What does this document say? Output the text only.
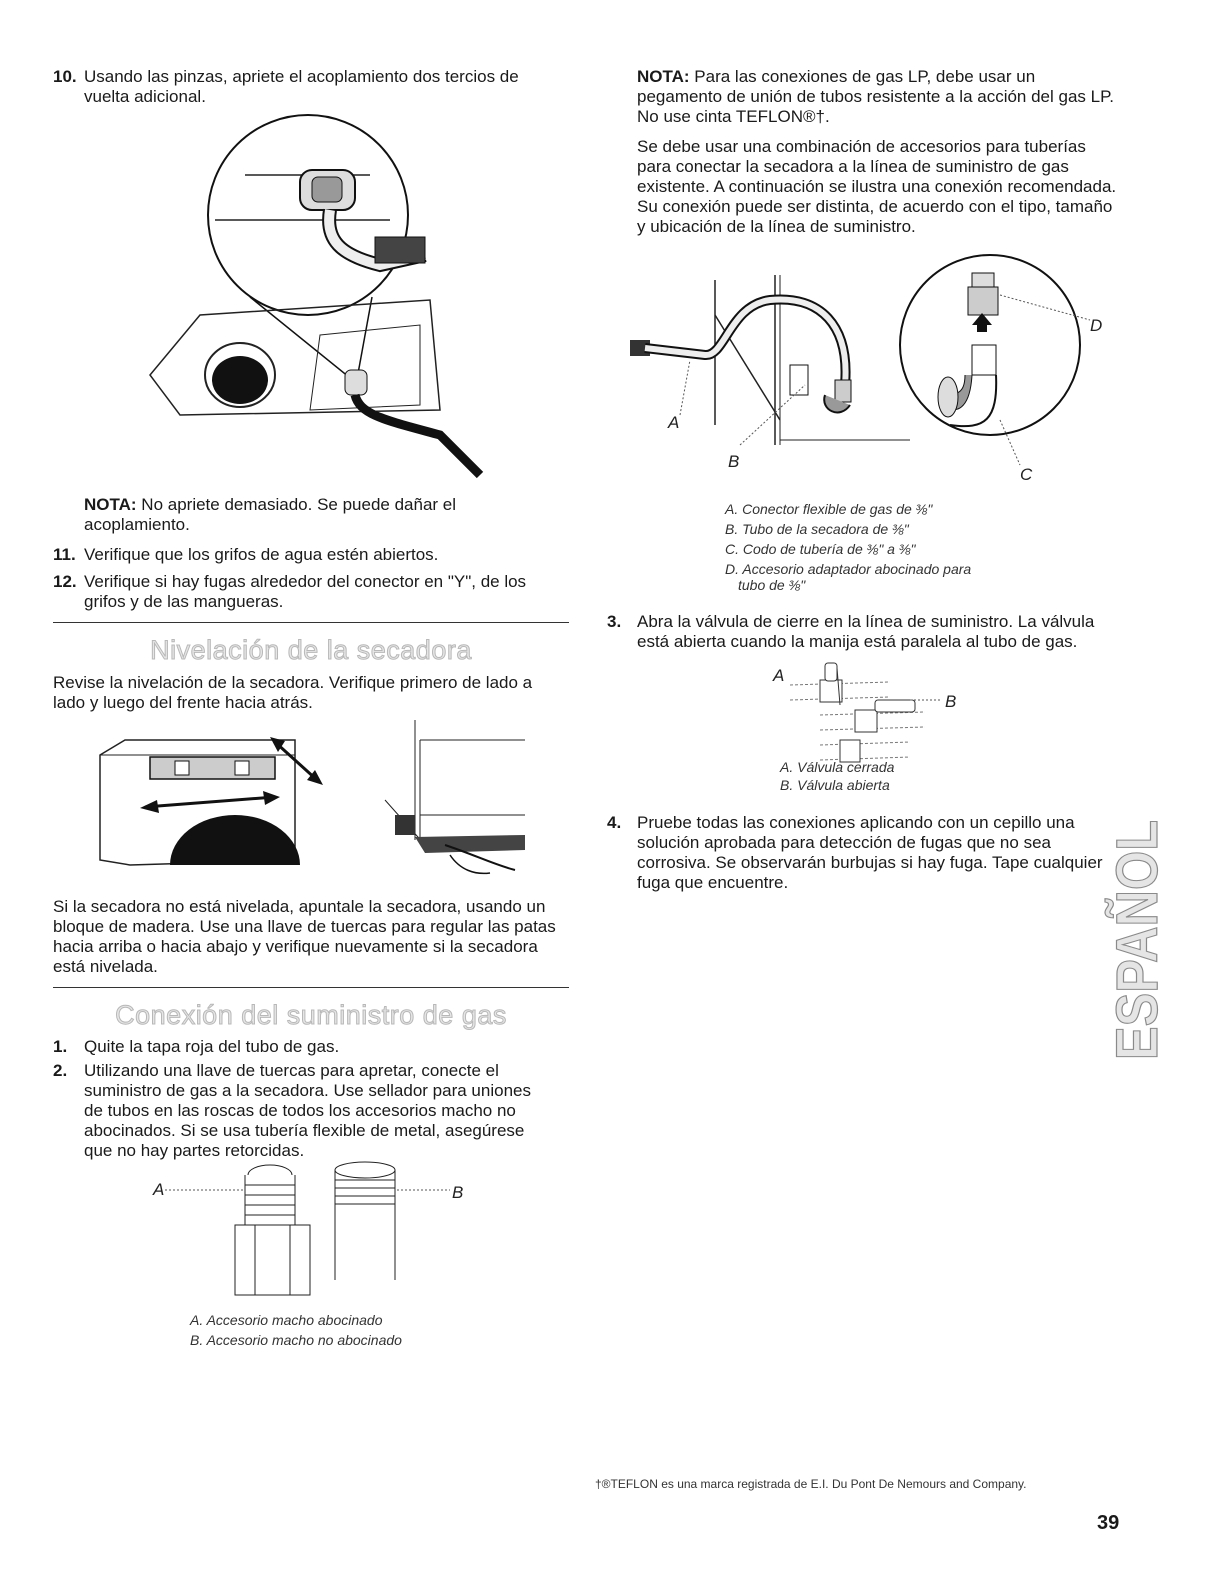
10. Usando las pinzas, apriete el acoplamiento dos tercios de vuelta adicional.
NOTA: No apriete demasiado. Se puede dañar el acoplamiento.
11. Verifique que los grifos de agua estén abiertos.
12. Verifique si hay fugas alrededor del conector en "Y", de los grifos y de las mangueras.
Nivelación de la secadora
Revise la nivelación de la secadora. Verifique primero de lado a lado y luego del frente hacia atrás.
Si la secadora no está nivelada, apuntale la secadora, usando un bloque de madera. Use una llave de tuercas para regular las patas hacia arriba o hacia abajo y verifique nuevamente si la secadora está nivelada.
Conexión del suministro de gas
1. Quite la tapa roja del tubo de gas.
2. Utilizando una llave de tuercas para apretar, conecte el suministro de gas a la secadora. Use sellador para uniones de tubos en las roscas de todos los accesorios macho no abocinados. Si se usa tubería flexible de metal, asegúrese que no hay partes retorcidas.
A	B
A. Accesorio macho abocinado
B. Accesorio macho no abocinado
NOTA: Para las conexiones de gas LP, debe usar un pegamento de unión de tubos resistente a la acción del gas LP. No use cinta TEFLON®†.
Se debe usar una combinación de accesorios para tuberías para conectar la secadora a la línea de suministro de gas existente. A continuación se ilustra una conexión recomendada. Su conexión puede ser distinta, de acuerdo con el tipo, tamaño y ubicación de la línea de suministro.
A
B
C
D
A. Conector flexible de gas de ⅜"
B. Tubo de la secadora de ⅜"
C. Codo de tubería de ⅜" a ⅜"
D. Accesorio adaptador abocinado para
tubo de ⅜"
3. Abra la válvula de cierre en la línea de suministro. La válvula está abierta cuando la manija está paralela al tubo de gas.
A
B
A. Válvula cerrada
B. Válvula abierta
4. Pruebe todas las conexiones aplicando con un cepillo una solución aprobada para detección de fugas que no sea corrosiva. Se observarán burbujas si hay fuga. Tape cualquier fuga que encuentre.	ESPAÑOL
†®TEFLON es una marca registrada de E.I. Du Pont De Nemours and Company.
39
